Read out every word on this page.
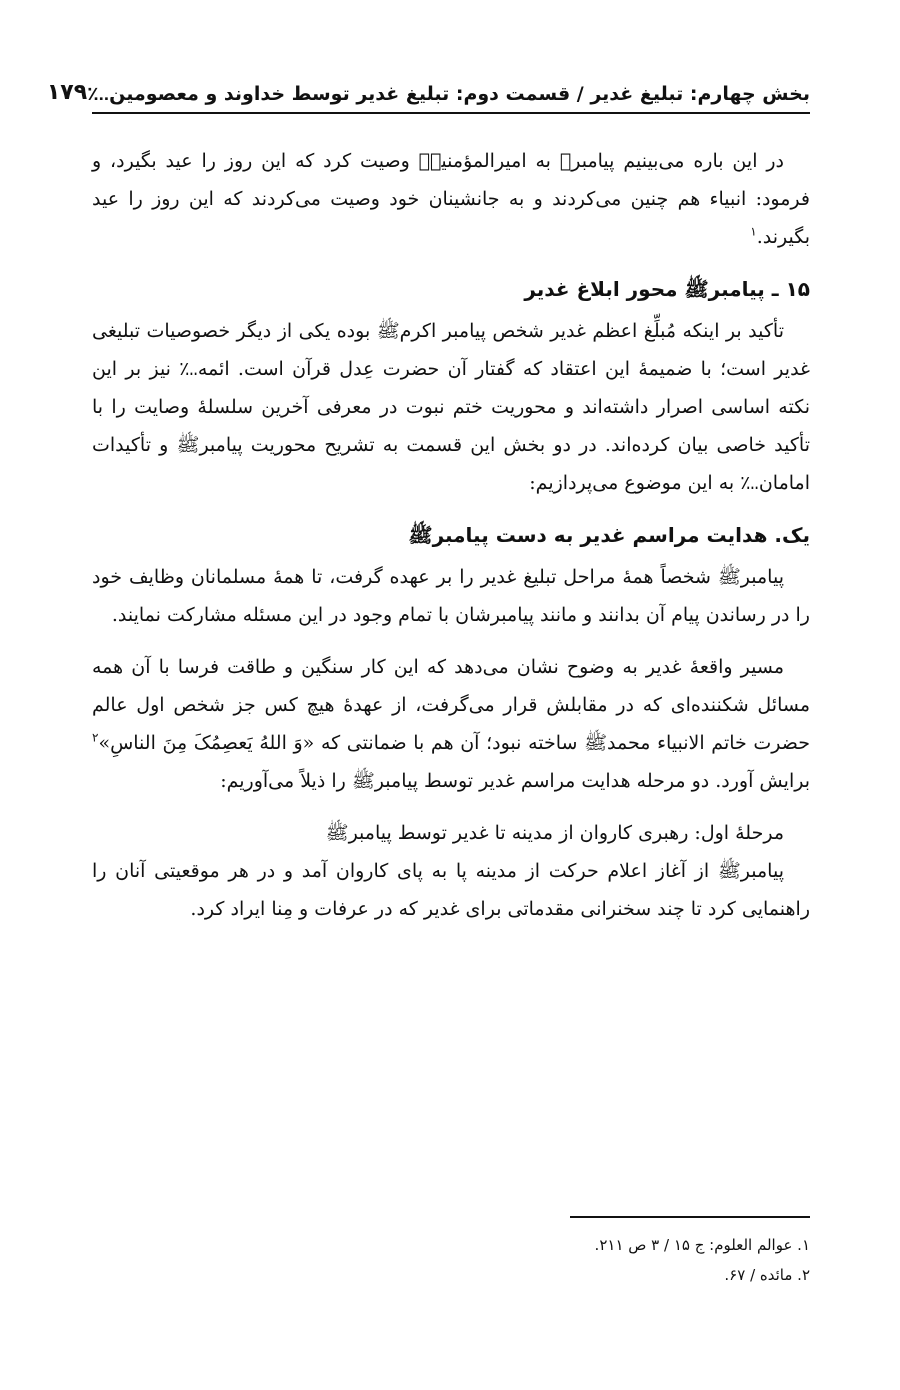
بخش چهارم: تبلیغ غدیر / قسمت دوم: تبلیغ غدیر توسط خداوند و معصومین؊
۱۷۹

در این باره می‌بینیم پیامبرﷺ به امیرالمؤمنین وصیت کرد که این روز را عید بگیرد، و فرمود: انبیاء هم چنین می‌کردند و به جانشینان خود وصیت می‌کردند که این روز را عید بگیرند.$^۱$

۱۵ ـ پیامبرﷺ محور ابلاغ غدیر

تأکید بر اینکه مُبلِّغ اعظم غدیر شخص پیامبر اکرمﷺ بوده یکی از دیگر خصوصیات تبلیغی غدیر است؛ با ضمیمهٔ این اعتقاد که گفتار آن حضرت عِدل قرآن است. ائمه؊ نیز بر این نکته اساسی اصرار داشته‌اند و محوریت ختم نبوت در معرفی آخرین سلسلهٔ وصایت را با تأکید خاصی بیان کرده‌اند. در دو بخش این قسمت به تشریح محوریت پیامبرﷺ و تأکیدات امامان؊ به این موضوع می‌پردازیم:

یک. هدایت مراسم غدیر به دست پیامبرﷺ

پیامبرﷺ شخصاً همهٔ مراحل تبلیغ غدیر را بر عهده گرفت، تا همهٔ مسلمانان وظایف خود را در رساندن پیام آن بدانند و مانند پیامبرشان با تمام وجود در این مسئله مشارکت نمایند.

مسیر واقعهٔ غدیر به وضوح نشان می‌دهد که این کار سنگین و طاقت فرسا با آن همه مسائل شکننده‌ای که در مقابلش قرار می‌گرفت، از عهدهٔ هیچ کس جز شخص اول عالم حضرت خاتم الانبیاء محمدﷺ ساخته نبود؛ آن هم با ضمانتی که «وَ اللهُ یَعصِمُکَ مِنَ الناسِ»$^۲$ برایش آورد. دو مرحله هدایت مراسم غدیر توسط پیامبرﷺ را ذیلاً می‌آوریم:

مرحلهٔ اول: رهبری کاروان از مدینه تا غدیر توسط پیامبرﷺ

پیامبرﷺ از آغاز اعلام حرکت از مدینه پا به پای کاروان آمد و در هر موقعیتی آنان را راهنمایی کرد تا چند سخنرانی مقدماتی برای غدیر که در عرفات و مِنا ایراد کرد.

۱. عوالم العلوم: ج ۱۵ / ۳ ص ۲۱۱.

۲. مائده / ۶۷.
